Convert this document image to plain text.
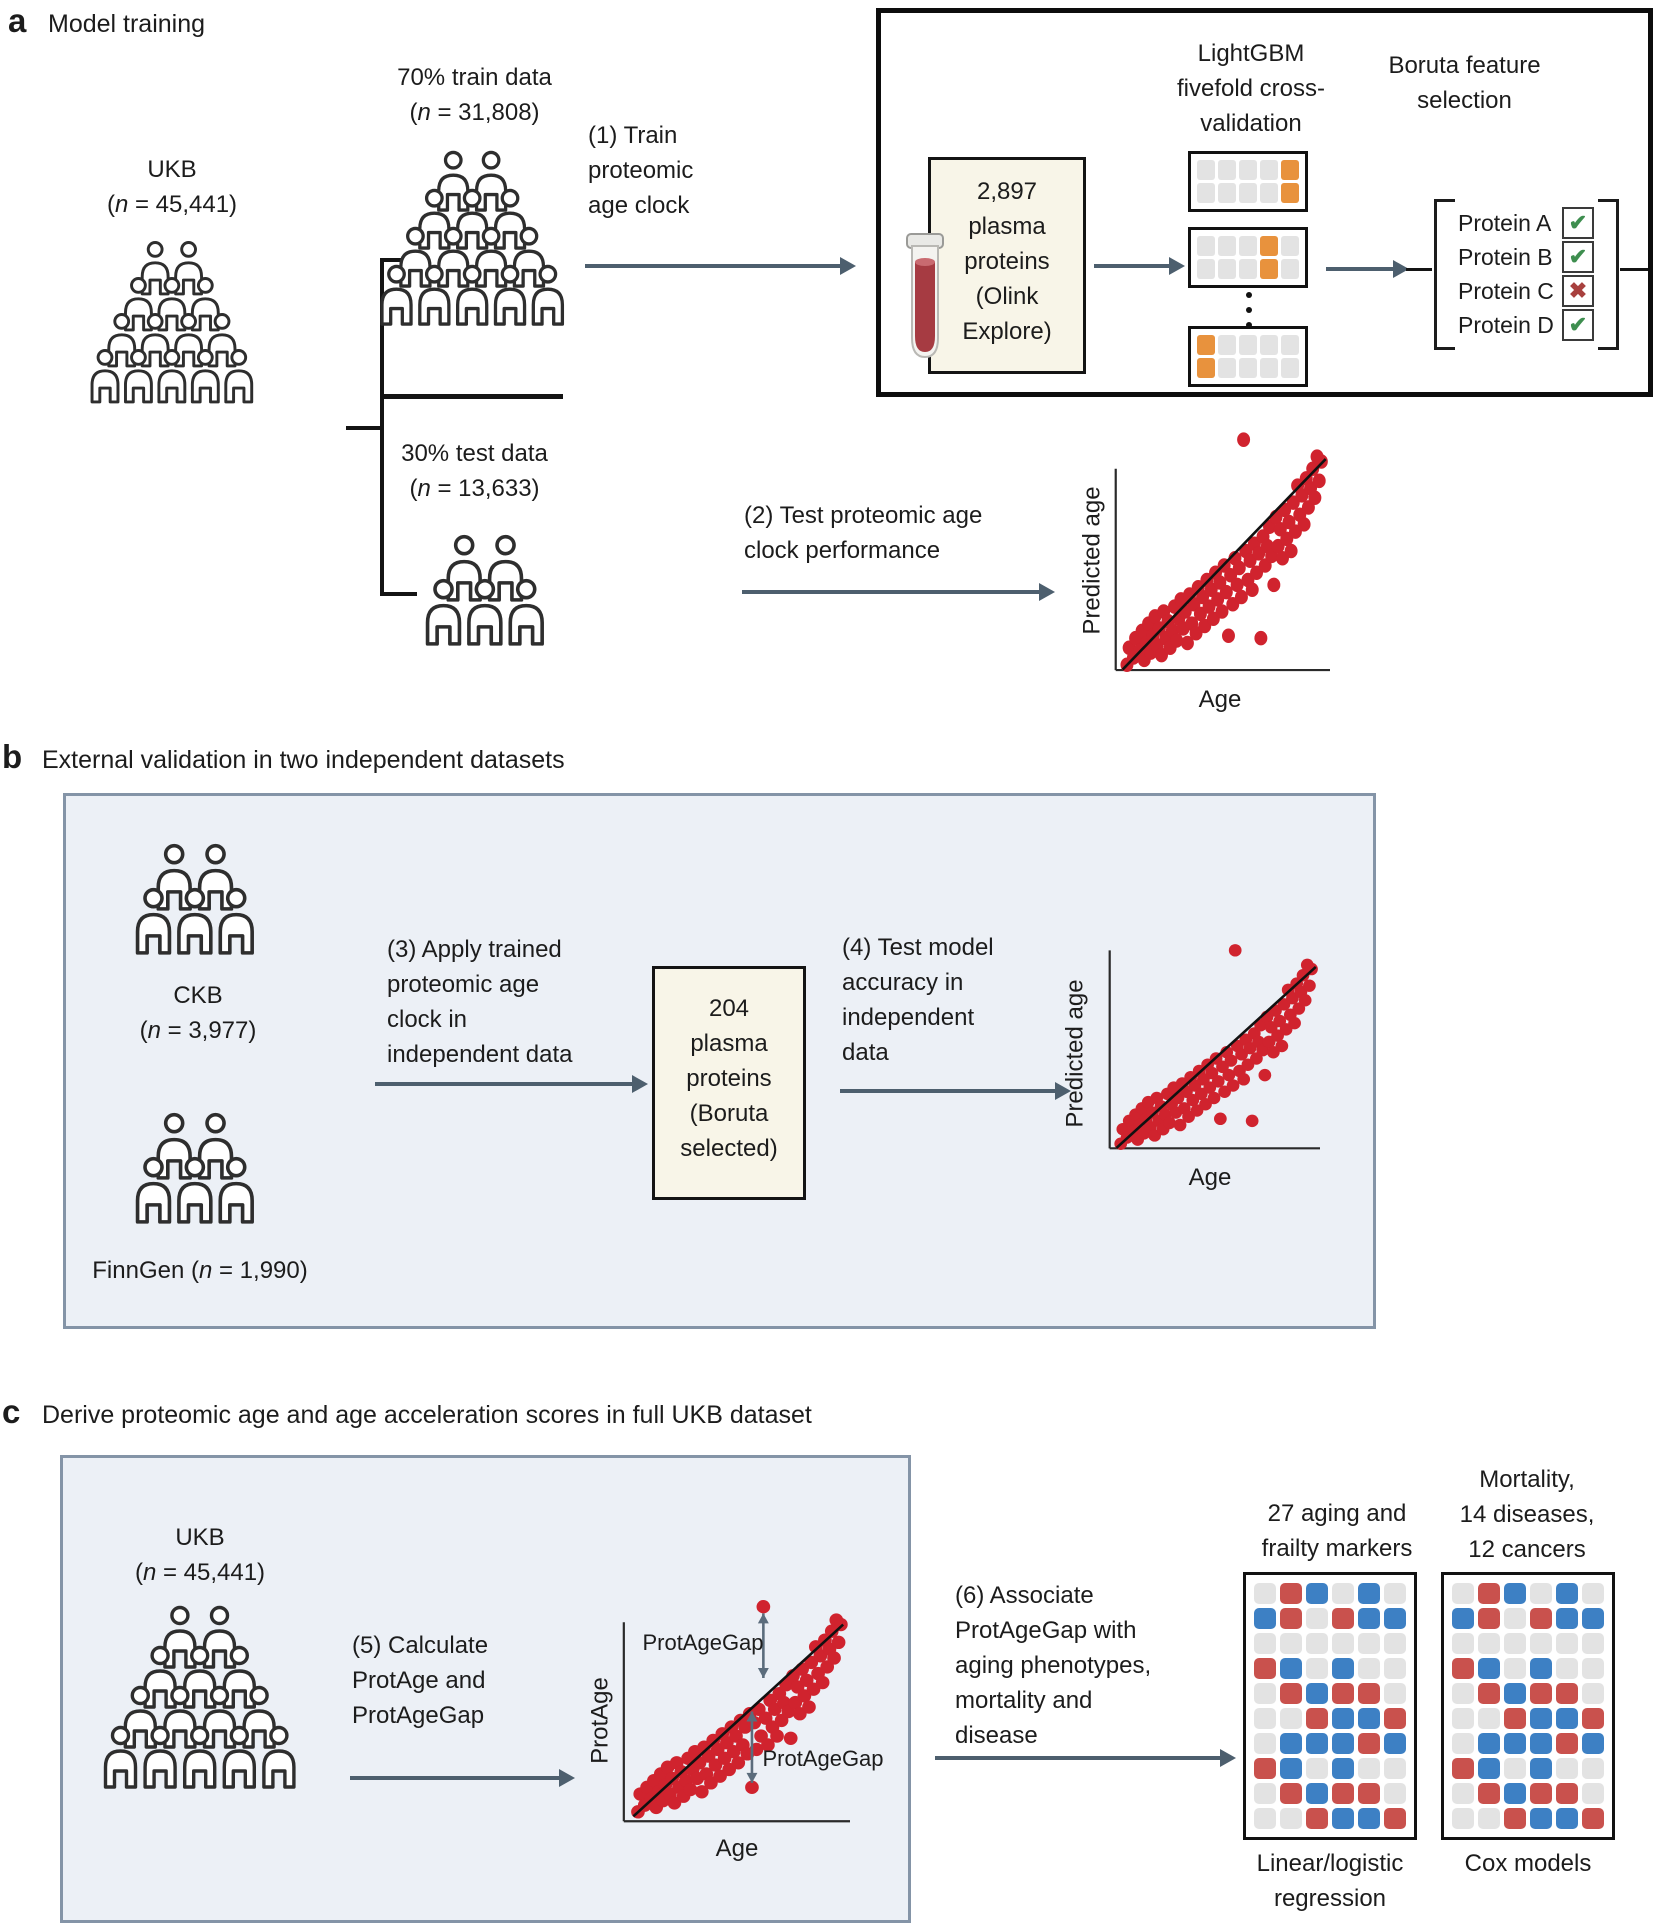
a Model training
UKB
(n = 45,441)
70% train data
(n = 31,808)
30% test data
(n = 13,633)
(1) Train
proteomic
age clock
LightGBM
fivefold cross-
validation
Boruta feature
selection
2,897
plasma
proteins
(Olink
Explore)
Protein A ✔
Protein B ✔
Protein C ✖
Protein D ✔
(2) Test proteomic age
clock performance	Predicted age
Age
b External validation in two independent datasets
CKB
(n = 3,977)
FinnGen (n = 1,990)
(3) Apply trained
proteomic age
clock in
independent data
204
plasma
proteins
(Boruta
selected)
(4) Test model
accuracy in
independent
data	Predicted age
Age
c Derive proteomic age and age acceleration scores in full UKB dataset
UKB
(n = 45,441)
(5) Calculate
ProtAge and
ProtAgeGap	ProtAge
Age
ProtAgeGap
ProtAgeGap
(6) Associate
ProtAgeGap with
aging phenotypes,
mortality and
disease
27 aging and
frailty markers
Mortality,
14 diseases,
12 cancers
Linear/logistic
regression
Cox models
